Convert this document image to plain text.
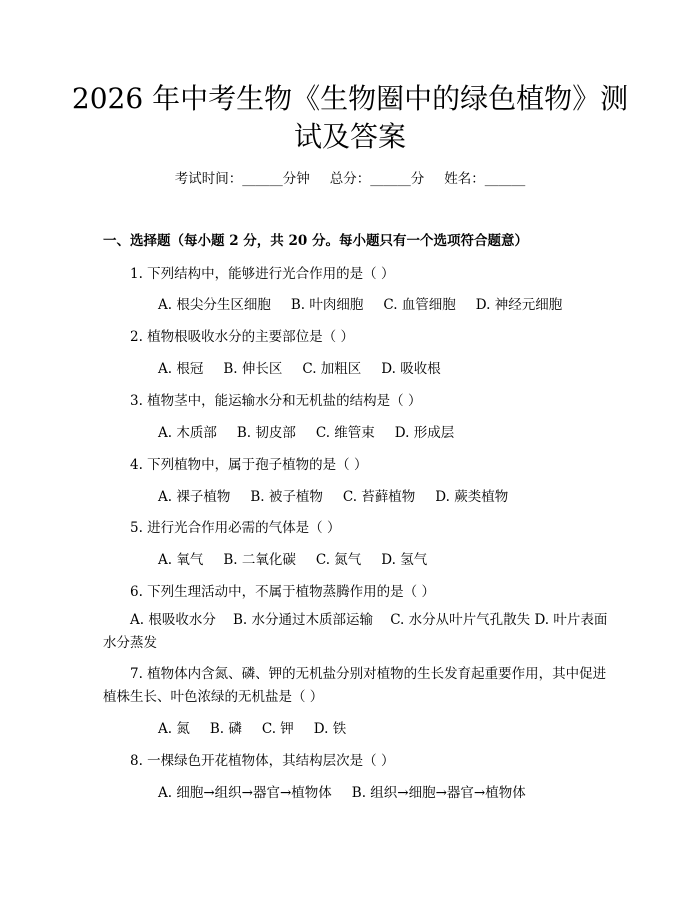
2026 年中考生物《生物圈中的绿色植物》测
试及答案
考试时间：______分钟 总分：______分 姓名：______
一、选择题（每小题 2 分，共 20 分。每小题只有一个选项符合题意）
1. 下列结构中，能够进行光合作用的是（ ）
A. 根尖分生区细胞 B. 叶肉细胞 C. 血管细胞 D. 神经元细胞
2. 植物根吸收水分的主要部位是（ ）
A. 根冠 B. 伸长区 C. 加粗区 D. 吸收根
3. 植物茎中，能运输水分和无机盐的结构是（ ）
A. 木质部 B. 韧皮部 C. 维管束 D. 形成层
4. 下列植物中，属于孢子植物的是（ ）
A. 裸子植物 B. 被子植物 C. 苔藓植物 D. 蕨类植物
5. 进行光合作用必需的气体是（ ）
A. 氧气 B. 二氧化碳 C. 氮气 D. 氢气
6. 下列生理活动中，不属于植物蒸腾作用的是（ ）
A. 根吸收水分 B. 水分通过木质部运输 C. 水分从叶片气孔散失 D. 叶片表面水分蒸发
7. 植物体内含氮、磷、钾的无机盐分别对植物的生长发育起重要作用，其中促进植株生长、叶色浓绿的无机盐是（ ）
A. 氮 B. 磷 C. 钾 D. 铁
8. 一棵绿色开花植物体，其结构层次是（ ）
A. 细胞→组织→器官→植物体 B. 组织→细胞→器官→植物体
